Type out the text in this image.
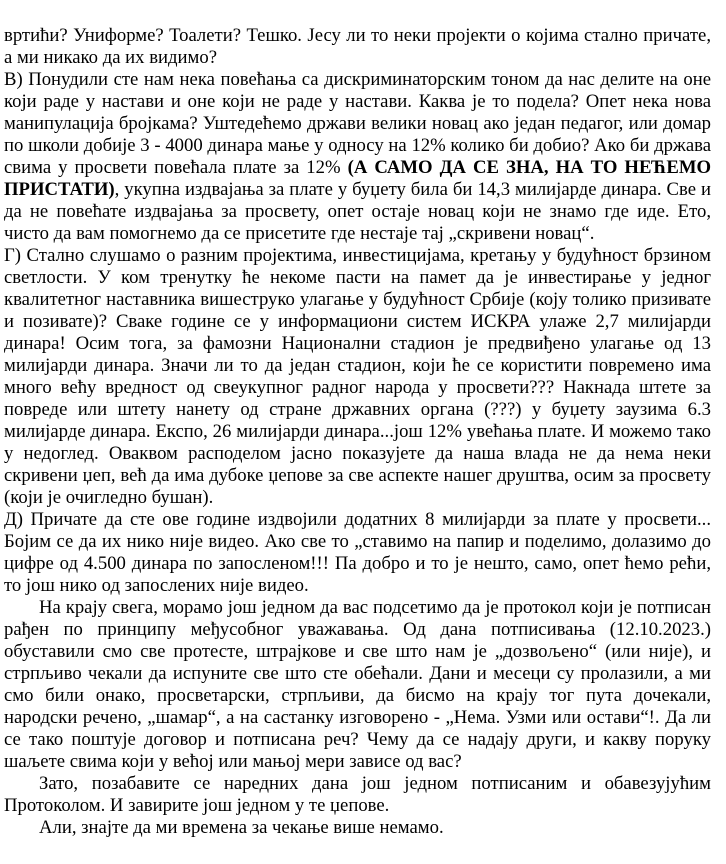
вртићи? Униформе? Тоалети? Тешко. Јесу ли то неки пројекти о којима стално причате, а ми никако да их видимо?

В) Понудили сте нам нека повећања са дискриминаторским тоном да нас делите на оне који раде у настави и оне који не раде у настави. Каква је то подела? Опет нека нова манипулација бројкама? Уштедећемо држави велики новац ако један педагог, или домар по школи добије 3 - 4000 динара мање у односу на 12% колико би добио? Ако би држава свима у просвети повећала плате за 12% (А САМО ДА СЕ ЗНА, НА ТО НЕЋЕМО ПРИСТАТИ), укупна издвајања за плате у буџету била би 14,3 милијарде динара. Све и да не повећате издвајања за просвету, опет остаје новац који не знамо где иде. Ето, чисто да вам помогнемо да се присетите где нестаје тај „скривени новац“.

Г) Стално слушамо о разним пројектима, инвестицијама, кретању у будућност брзином светлости. У ком тренутку ће некоме пасти на памет да је инвестирање у једног квалитетног наставника вишеструко улагање у будућност Србије (коју толико призивате и позивате)? Сваке године се у информациони систем ИСКРА улаже 2,7 милијарди динара! Осим тога, за фамозни Национални стадион је предвиђено улагање од 13 милијарди динара. Значи ли то да један стадион, који ће се користити повремено има много већу вредност од свеукупног радног народа у просвети??? Накнада штете за повреде или штету нанету од стране државних органа (???) у буџету заузима 6.3 милијарде динара. Експо, 26 милијарди динара...још 12% увећања плате. И можемо тако у недоглед. Оваквом расподелом јасно показујете да наша влада не да нема неки скривени џеп, већ да има дубоке џепове за све аспекте нашег друштва, осим за просвету (који је очигледно бушан).

Д) Причате да сте ове године издвојили додатних 8 милијарди за плате у просвети... Бојим се да их нико није видео. Ако све то „ставимо на папир и поделимо, долазимо до цифре од 4.500 динара по запосленом!!! Па добро и то је нешто, само, опет ћемо рећи, то још нико од запослених није видео.

На крају свега, морамо још једном да вас подсетимо да је протокол који је потписан рађен по принципу међусобног уважавања. Од дана потписивања (12.10.2023.) обуставили смо све протесте, штрајкове и све што нам је „дозвољено“ (или није), и стрпљиво чекали да испуните све што сте обећали. Дани и месеци су пролазили, а ми смо били онако, просветарски, стрпљиви, да бисмо на крају тог пута дочекали, народски речено, „шамар“, а на састанку изговорено - „Нема. Узми или остави“!. Да ли се тако поштује договор и потписана реч? Чему да се надају други, и какву поруку шаљете свима који у већој или мањој мери зависе од вас?

Зато, позабавите се наредних дана још једном потписаним и обавезујућим Протоколом. И завирите још једном у те џепове.

Али, знајте да ми времена за чекање више немамо.
